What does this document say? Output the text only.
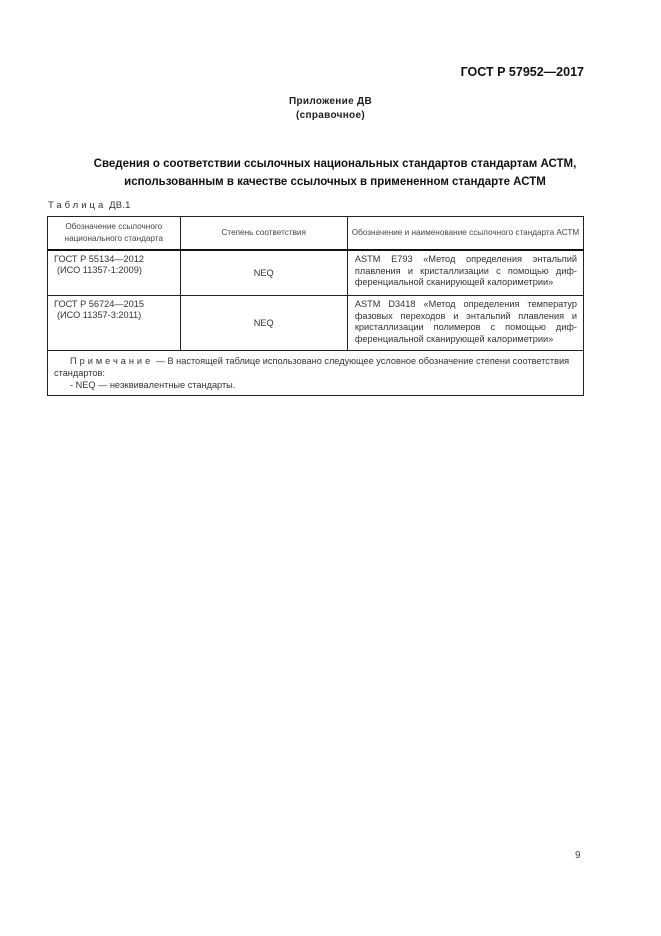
ГОСТ Р 57952—2017
Приложение ДВ
(справочное)
Сведения о соответствии ссылочных национальных стандартов стандартам АСТМ,
использованным в качестве ссылочных в примененном стандарте АСТМ
Таблица ДВ.1
Обозначение ссылочного национального стандарта	Степень соответствия	Обозначение и наименование ссылочного стандарта АСТМ

ГОСТ Р 55134—2012
(ИСО 11357-1:2009)	NEQ	ASTM E793 «Метод определения энтальпий плавления и кристаллизации с помощью диф-ференциальной сканирующей калориметрии»

ГОСТ Р 56724—2015
(ИСО 11357-3:2011)	NEQ	ASTM D3418 «Метод определения температур фазовых переходов и энтальпий плавления и кристаллизации полимеров с помощью диф-ференциальной сканирующей калориметрии»

Примечание — В настоящей таблице использовано следующее условное обозначение степени соответствия стандартов:
- NEQ — неэквивалентные стандарты.		
9
